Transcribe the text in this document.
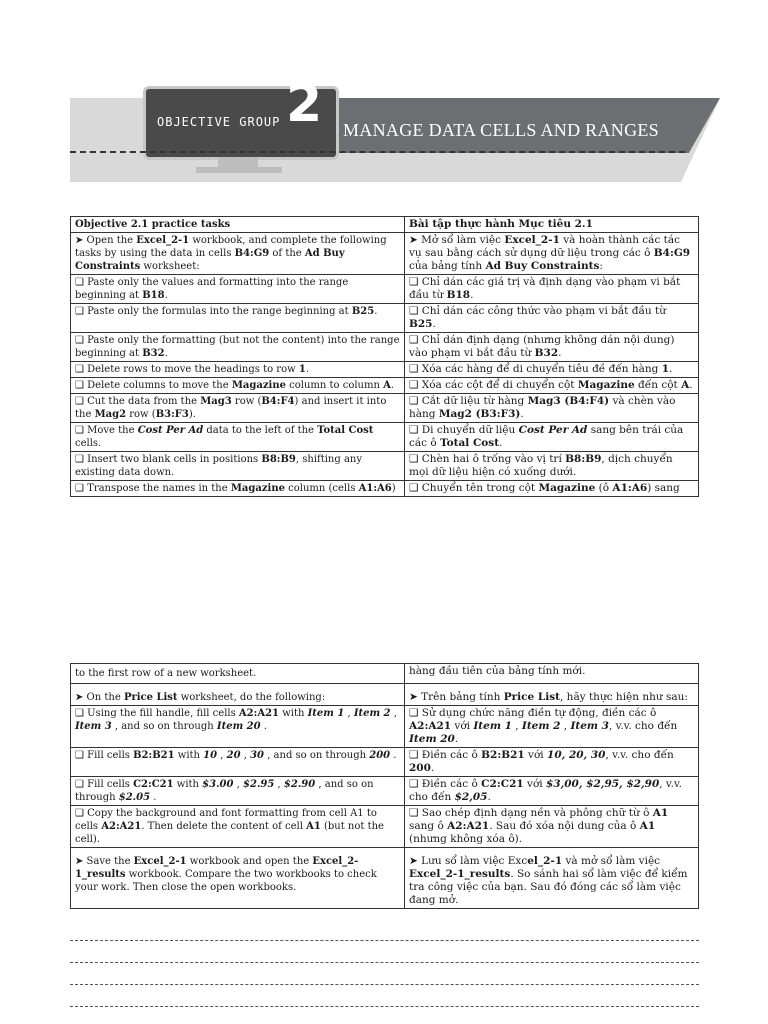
OBJECTIVE GROUP 2 MANAGE DATA CELLS AND RANGES
Objective 2.1 practice tasks	Bài tập thực hành Mục tiêu 2.1

➤ Open the Excel_2-1 workbook, and complete the following tasks by using the data in cells B4:G9 of the Ad Buy Constraints worksheet:	➤ Mở sổ làm việc Excel_2-1 và hoàn thành các tác vụ sau bằng cách sử dụng dữ liệu trong các ô B4:G9 của bảng tính Ad Buy Constraints:
❑ Paste only the values and formatting into the range beginning at B18.	❑ Chỉ dán các giá trị và định dạng vào phạm vi bắt đầu từ B18.
❑ Paste only the formulas into the range beginning at B25.	❑ Chỉ dán các công thức vào phạm vi bắt đầu từ B25.
❑ Paste only the formatting (but not the content) into the range beginning at B32.	❑ Chỉ dán định dạng (nhưng không dán nội dung) vào phạm vi bắt đầu từ B32.
❑ Delete rows to move the headings to row 1.	❑ Xóa các hàng để di chuyển tiêu đề đến hàng 1.
❑ Delete columns to move the Magazine column to column A.	❑ Xóa các cột để di chuyển cột Magazine đến cột A.
❑ Cut the data from the Mag3 row (B4:F4) and insert it into the Mag2 row (B3:F3).	❑ Cắt dữ liệu từ hàng Mag3 (B4:F4) và chèn vào hàng Mag2 (B3:F3).
❑ Move the Cost Per Ad data to the left of the Total Cost cells.	❑ Di chuyển dữ liệu Cost Per Ad sang bên trái của các ô Total Cost.
❑ Insert two blank cells in positions B8:B9, shifting any existing data down.	❑ Chèn hai ô trống vào vị trí B8:B9, dịch chuyển mọi dữ liệu hiện có xuống dưới.
❑ Transpose the names in the Magazine column (cells A1:A6)	❑ Chuyển tên trong cột Magazine (ô A1:A6) sang
to the first row of a new worksheet.	hàng đầu tiên của bảng tính mới.
➤ On the Price List worksheet, do the following:	➤ Trên bảng tính Price List, hãy thực hiện như sau:
❑ Using the fill handle, fill cells A2:A21 with Item 1 , Item 2 , Item 3 , and so on through Item 20 .	❑ Sử dụng chức năng điền tự động, điền các ô A2:A21 với Item 1 , Item 2 , Item 3, v.v. cho đến Item 20.
❑ Fill cells B2:B21 with 10 , 20 , 30 , and so on through 200 .	❑ Điền các ô B2:B21 với 10, 20, 30, v.v. cho đến 200.
❑ Fill cells C2:C21 with $3.00 , $2.95 , $2.90 , and so on through $2.05 .	❑ Điền các ô C2:C21 với $3,00, $2,95, $2,90, v.v. cho đến $2,05.
❑ Copy the background and font formatting from cell A1 to cells A2:A21. Then delete the content of cell A1 (but not the cell).	❑ Sao chép định dạng nền và phông chữ từ ô A1 sang ô A2:A21. Sau đó xóa nội dung của ô A1 (nhưng không xóa ô).
➤ Save the Excel_2-1 workbook and open the Excel_2-1_results workbook. Compare the two workbooks to check your work. Then close the open workbooks.	➤ Lưu sổ làm việc Excel_2-1 và mở sổ làm việc Excel_2-1_results. So sánh hai sổ làm việc để kiểm tra công việc của bạn. Sau đó đóng các sổ làm việc đang mở.
